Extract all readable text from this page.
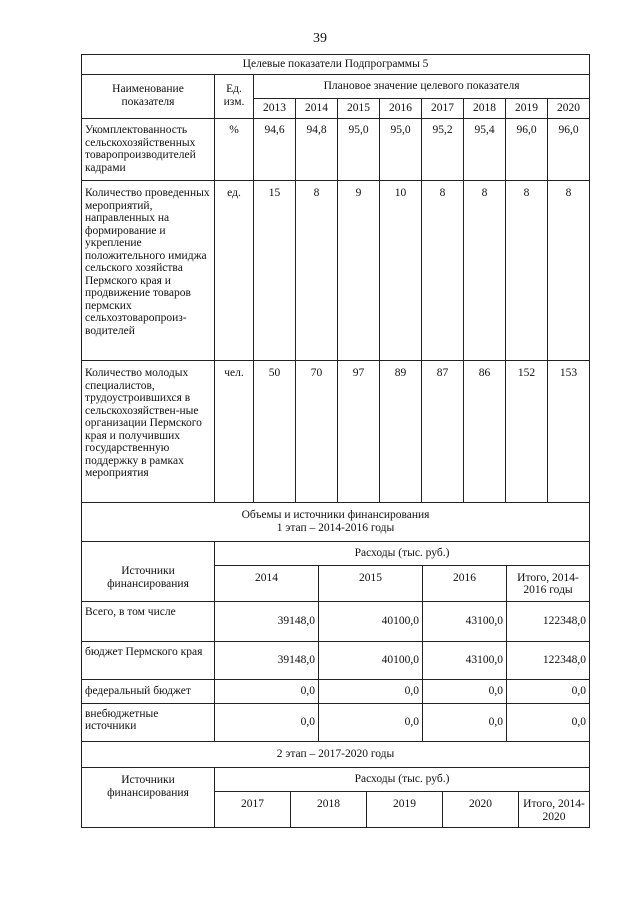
39
Целевые показатели Подпрограммы 5									
Наименование показателя	Ед. изм.	Плановое значение целевого показателя							
		2013	2014	2015	2016	2017	2018	2019	2020
Укомплектованность сельскохозяйственных товаропроизводителей кадрами	%	94,6	94,8	95,0	95,0	95,2	95,4	96,0	96,0
Количество проведенных мероприятий, направленных на формирование и укрепление положительного имиджа сельского хозяйства Пермского края и продвижение товаров пермских сельхозтоваропроиз-водителей	ед.	15	8	9	10	8	8	8	8
Количество молодых специалистов, трудоустроившихся в сельскохозяйствен-ные организации Пермского края и получивших государственную поддержку в рамках мероприятия	чел.	50	70	97	89	87	86	152	153
Объемы и источники финансирования
1 этап – 2014-2016 годы				

Источники финансирования	Расходы (тыс. руб.)			
	2014	2015	2016	Итого, 2014-2016 годы
Всего, в том числе	39148,0	40100,0	43100,0	122348,0
бюджет Пермского края	39148,0	40100,0	43100,0	122348,0
федеральный бюджет	0,0	0,0	0,0	0,0
внебюджетные источники	0,0	0,0	0,0	0,0
2 этап – 2017-2020 годы					
Источники финансирования	Расходы (тыс. руб.)				
	2017	2018	2019	2020	Итого, 2014-2020
